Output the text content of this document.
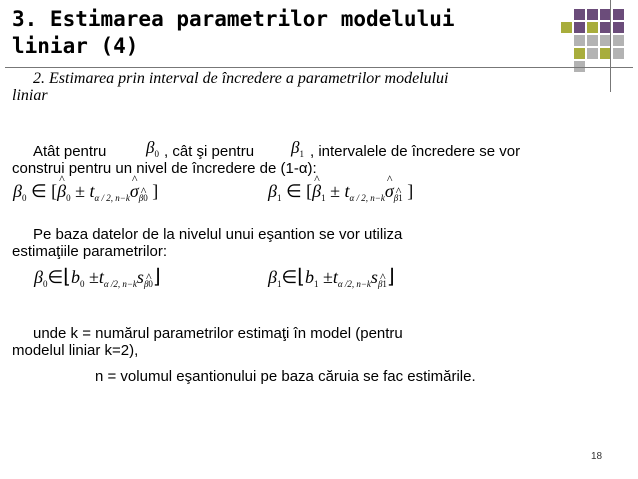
3. Estimarea parametrilor modelului
liniar (4)
2. Estimarea prin interval de încredere a parametrilor modelului
liniar
Atât pentru $\beta_0$ , cât şi pentru $\beta_1$ , intervalele de încredere se vor
construi pentru un nivel de încredere de (1-α):
$\beta_0$ ∈ [^ $\beta_0$ ± $t_{\alpha / 2, n-k}\^{}$ σ^ $_{\beta 0}$ ]	$\beta_1$ ∈ [^ $\beta_1$ ± $t_{\alpha / 2, n-k}\^{}$ σ^ $_{\beta 1}$ ]
Pe baza datelor de la nivelul unui eşantion se vor utiliza
estimaţiile parametrilor:
$\beta_0\in⌊b_0$ $\pm t_{\alpha /2, n-k}s\^{}$ $_{\beta 0}$⌋	$\beta_1\in⌊b_1$ $\pm t_{\alpha /2, n-k}s\^{}$ $_{\beta 1}$⌋
unde k = numărul parametrilor estimaţi în model (pentru
modelul liniar k=2),
n = volumul eşantionului pe baza căruia se fac estimările.
18
